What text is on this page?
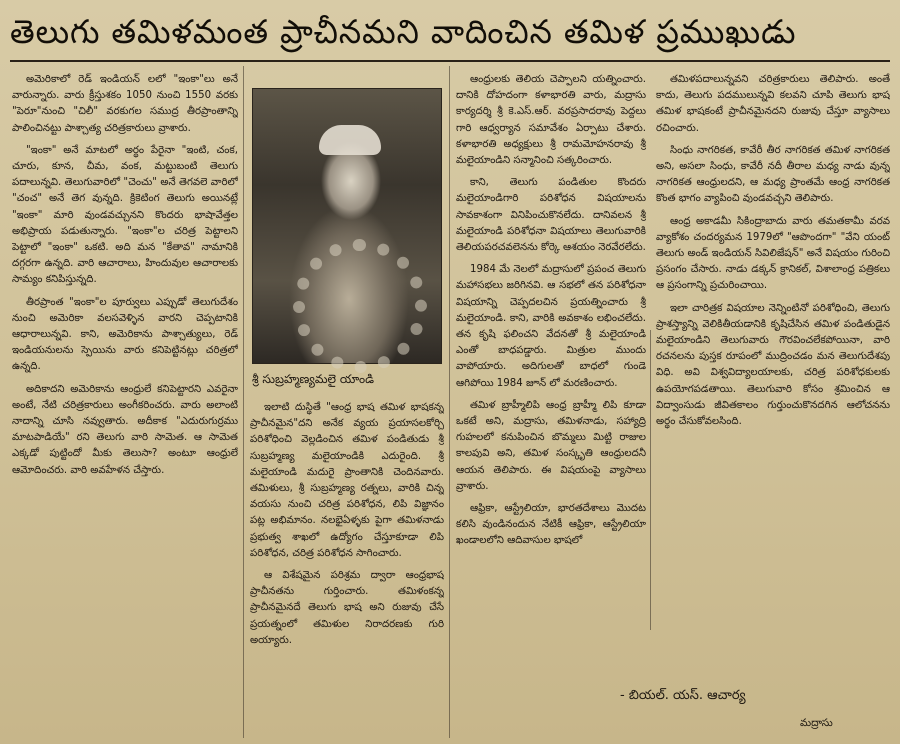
తెలుగు తమిళమంత ప్రాచీనమని వాదించిన తమిళ ప్రముఖుడు

అమెరికాలో రెడ్ ఇండియన్ లలో "ఇంకా"లు అనే వారున్నారు. వారు క్రీస్తుశకం 1050 నుంచి 1550 వరకు "పెరూ"నుంచి "చిలీ" వరకుగల సముద్ర తీరప్రాంతాన్ని పాలించినట్టు పాశ్చాత్య చరిత్రకారులు వ్రాశారు.

"ఇంకా" అనే మాటలో అర్థం పేరైనా "ఇంటి, చంక, చూరు, కూన, చీమ, వంక, మట్టుబంటి తెలుగు పదాలున్నవి. తెలుగువారిలో "చెంచు" అనే తెగవలె వారిలో "చంచ" అనే తెగ వున్నది. క్రికెటింగ తెలుగు అయినట్లే "ఇంకా" మారి వుండవచ్చునని కొందరు భాషావేత్తల అభిప్రాయ పడుతున్నారు. "ఇంకా"ల చరిత్ర పెట్టాలని పెట్టాలో "ఇంకా" ఒకటి. అది మన "కేతావ" నామానికి దగ్గరగా ఉన్నది. వారి ఆచారాలు, హిందువుల ఆచారాలకు సామ్యం కనిపిస్తున్నది.

తీరప్రాంత "ఇంకా"ల పూర్వులు ఎప్పుడో తెలుగుదేశం నుంచి అమెరికా వలసవెళ్ళిన వారని చెప్పటానికి ఆధారాలున్నవి. కాని, అమెరికాను పాశ్చాత్యులు, రెడ్ ఇండియనులను స్పెయిను వారు కనిపెట్టినట్లు చరిత్రలో ఉన్నది.

అదికాదని అమెరికాను ఆంధ్రులే కనిపెట్టారని ఎవరైనా అంటే, నేటి చరిత్రకారులు అంగీకరించరు. వారు అలాంటి నాదాన్ని చూసి నవ్వుతారు. అదీకాక "ఎదురుగుర్రము మాటపాడియే" రని తెలుగు వారి సామెత. ఆ సామెత ఎక్కడో పుట్టిందో మీకు తెలుసా? అంటూ ఆంధ్రులే ఆమోదించరు. వారి అవహేళన చేస్తారు.

శ్రీ సుబ్రహ్మణ్యమలై యాండి

ఇలాటి దుస్థితే "ఆంధ్ర భాష తమిళ భాషకన్న ప్రాచీనమైన"దని అనేక వ్యయ ప్రయాసలకోర్చి పరిశోధించి వెల్లడించిన తమిళ పండితుడు శ్రీ సుబ్రహ్మణ్య మలైయాండికి ఎదురైంది. శ్రీ మలైయాండి మదురై ప్రాంతానికి చెందినవారు. తమిళులు, శ్రీ సుబ్రహ్మణ్య రత్నలు, వారికి చిన్న వయసు నుంచి చరిత్ర పరిశోధన, లిపి విజ్ఞానం పట్ల అభిమానం. నలభైఏళ్ళకు పైగా తమిళనాడు ప్రభుత్వ శాఖలో ఉద్యోగం చేస్తూకూడా లిపి పరిశోధన, చరిత్ర పరిశోధన సాగించారు.

ఆ విశేషమైన పరిశ్రమ ద్వారా ఆంధ్రభాష ప్రాచీనతను గుర్తించారు. తమిళంకన్న ప్రాచీనమైనదే తెలుగు భాష అని రుజువు చేసే ప్రయత్నంలో తమిళుల నిరాదరణకు గురి అయ్యారు.

ఆంధ్రులకు తెలియ చెప్పాలని యత్నించారు. దానికి దోహదంగా కళాభారతి వారు, మద్రాసు కార్యదర్శి శ్రీ కె.ఎస్.ఆర్. వరప్రసాదరావు పెద్దలు గారి ఆధ్వర్యాన సమావేశం ఏర్పాటు చేశారు. కళాభారతి అధ్యక్షులు శ్రీ రామమోహనరావు శ్రీ మలైయాండిని సన్మానించి సత్కరించారు.

కాని, తెలుగు పండితుల కొందరు మలైయాండిగారి పరిశోధన విషయాలను సావకాశంగా వినిపించుకొనలేదు. దానివలన శ్రీ మలైయాండి పరిశోధనా విషయాలు తెలుగువారికి తెలియపరచవలెనను కోర్కె ఆశయం నెరవేరలేదు.

1984 మే నెలలో మద్రాసులో ప్రపంచ తెలుగు మహాసభలు జరిగినవి. ఆ సభలో తన పరిశోధనా విషయాన్ని చెప్పదలచిన ప్రయత్నించారు శ్రీ మలైయాండి. కాని, వారికి అవకాశం లభించలేదు. తన కృషి ఫలించని వేదనతో శ్రీ మలైయాండి ఎంతో బాధపడ్డారు. మిత్రుల ముందు వాపోయారు. అదిగులతో బాధలో గుండె ఆగిపోయి 1984 జూన్ లో మరణించారు.

తమిళ బ్రాహ్మీలిపి ఆంధ్ర బ్రాహ్మీ లిపి కూడా ఒకటే అని, మద్రాసు, తమిళనాడు, సహ్యాద్రి గుహలలో కనుపించిన బొమ్మలు మిట్టి రాజుల కాలపువి అని, తమిళ సంస్కృతి ఆంధ్రులదనీ ఆయన తెలిపారు. ఈ విషయంపై వ్యాసాలు వ్రాశారు.

ఆఫ్రికా, ఆస్ట్రేలియా, భారతదేశాలు మొదట కలిసి వుండినందున నేటికీ ఆఫ్రికా, ఆస్ట్రేలియా ఖండాలలోని ఆదివాసుల భాషలో

తమిళపదాలున్నవని చరిత్రకారులు తెలిపారు. అంతే కాదు, తెలుగు పదములున్నవి కలవని చూపి తెలుగు భాష తమిళ భాషకంటే ప్రాచీనమైనదని రుజువు చేస్తూ వ్యాసాలు రచించారు.

సింధు నాగరికత, కావేరీ తీర నాగరికత తమిళ నాగరికత అని, అసలా సింధు, కావేరీ నదీ తీరాల మధ్య నాడు వున్న నాగరికత ఆంధ్రులదని, ఆ మధ్య ప్రాంతమే ఆంధ్ర నాగరికత కొంత భాగం వ్యాపించి వుండవచ్చని తెలిపారు.

ఆంధ్ర అకాడమీ సికింద్రాబాదు వారు తమతకామీ వరవ వ్యాకోశం చందర్యమన 1979లో "ఆపొందగా" "వేని యంట్ తెలుగు అండ్ ఇండియన్ సివిలిజేషన్" అనే విషయం గురించి ప్రసంగం చేసారు. నాడు డక్కన్ క్రానికల్, విశాలాంధ్ర పత్రికలు ఆ ప్రసంగాన్ని ప్రచురించాయి.

ఇలా చారిత్రక విషయాల నెన్నింటినో పరిశోధించి, తెలుగు ప్రాశస్త్యాన్ని వెలికితీయడానికి కృషిచేసిన తమిళ పండితుడైన మలైయాండిని తెలుగువారు గౌరవించలేకపోయినా, వారి రచనలను పుస్తక రూపంలో ముద్రించడం మన తెలుగుదేశపు విధి. అవి విశ్వవిద్యాలయాలకు, చరిత్ర పరిశోధకులకు ఉపయోగపడతాయి. తెలుగువారి కోసం శ్రమించిన ఆ విద్వాంసుడు జీవితకాలం గుర్తుంచుకొనదగిన ఆలోచనను అర్థం చేసుకోవలసింది.

- బియల్. యస్. ఆచార్య
మద్రాసు
